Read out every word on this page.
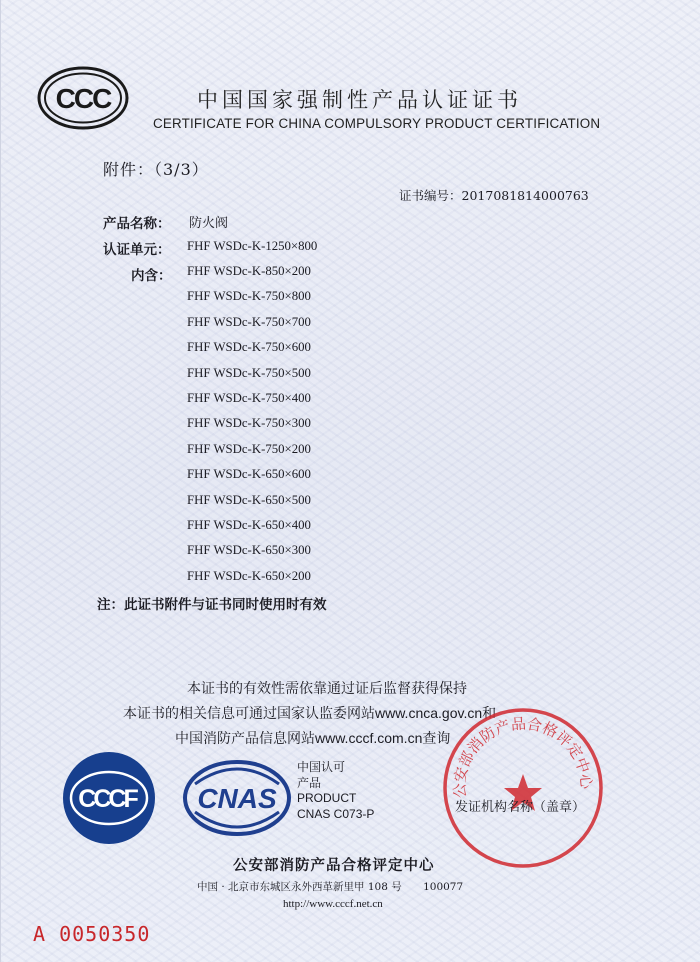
CCC	中国国家强制性产品认证证书
CERTIFICATE FOR CHINA COMPULSORY PRODUCT CERTIFICATION
附件：（3/3）
证书编号：2017081814000763
产品名称： 防火阀
认证单元： FHF WSDc-K-1250×800
内含： FHF WSDc-K-850×200
FHF WSDc-K-750×800
FHF WSDc-K-750×700
FHF WSDc-K-750×600
FHF WSDc-K-750×500
FHF WSDc-K-750×400
FHF WSDc-K-750×300
FHF WSDc-K-750×200
FHF WSDc-K-650×600
FHF WSDc-K-650×500
FHF WSDc-K-650×400
FHF WSDc-K-650×300
FHF WSDc-K-650×200
注：此证书附件与证书同时使用时有效
本证书的有效性需依靠通过证后监督获得保持
本证书的相关信息可通过国家认监委网站www.cnca.gov.cn和
中国消防产品信息网站www.cccf.com.cn查询
CCCF CNAS
中国认可
产品
PRODUCT
CNAS C073-P
公安部消防产品合格评定中心
发证机构名称（盖章）
公安部消防产品合格评定中心
中国 · 北京市东城区永外西革新里甲 108 号 100077
http://www.cccf.net.cn
A 0050350
